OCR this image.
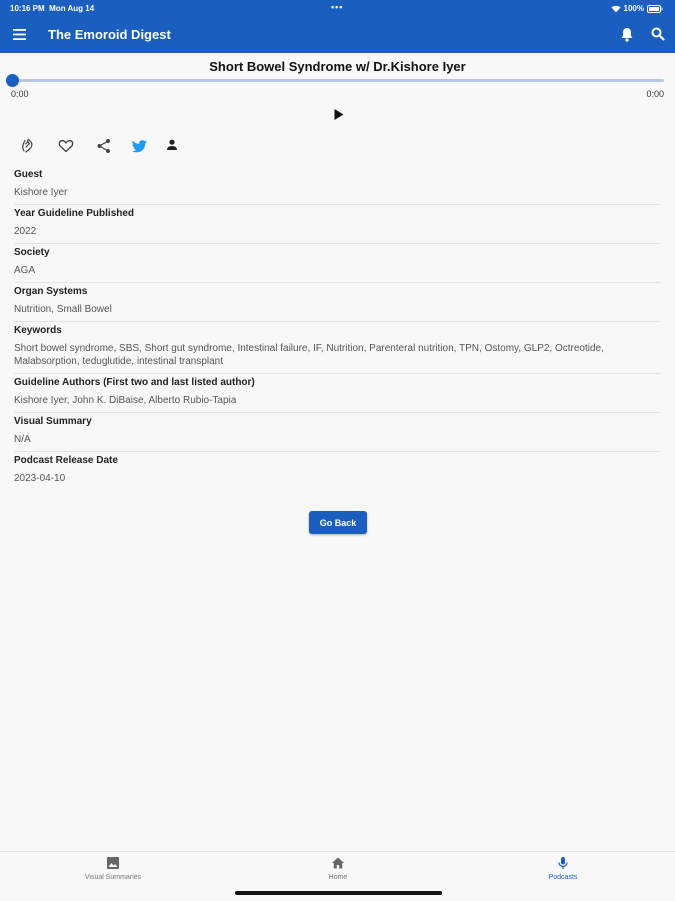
10:16 PM Mon Aug 14	•••	100%
The Emoroid Digest
Short Bowel Syndrome w/ Dr.Kishore Iyer
0:00	0:00
Guest
Kishore Iyer
Year Guideline Published
2022
Society
AGA
Organ Systems
Nutrition, Small Bowel
Keywords
Short bowel syndrome, SBS, Short gut syndrome, Intestinal failure, IF, Nutrition, Parenteral nutrition, TPN, Ostomy, GLP2, Octreotide, Malabsorption, teduglutide, intestinal transplant
Guideline Authors (First two and last listed author)
Kishore Iyer, John K. DiBaise, Alberto Rubio-Tapia
Visual Summary
N/A
Podcast Release Date
2023-04-10
Go Back
Visual Summaries	Home	Podcasts
